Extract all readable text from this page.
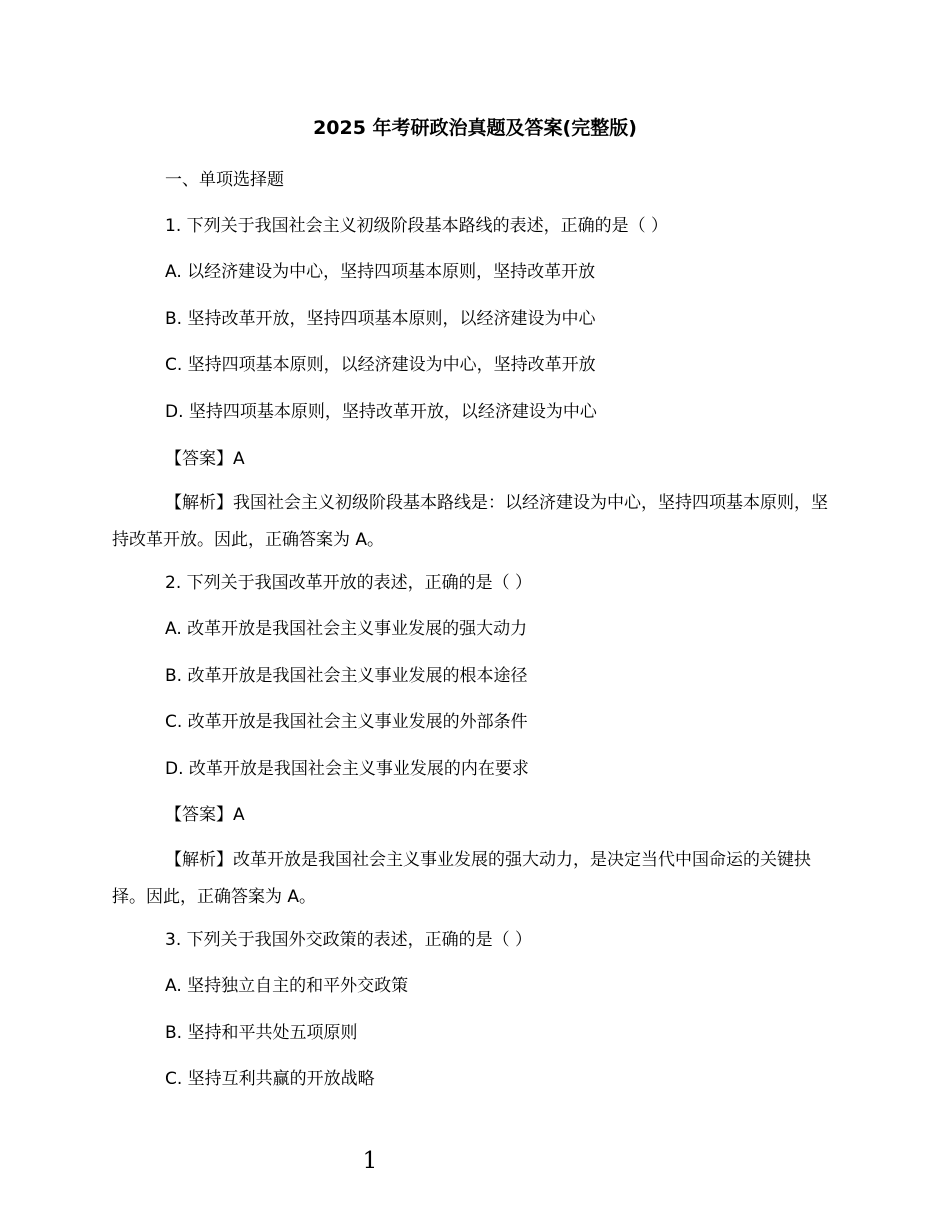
2025 年考研政治真题及答案(完整版)
一、单项选择题
1. 下列关于我国社会主义初级阶段基本路线的表述，正确的是（ ）
A. 以经济建设为中心，坚持四项基本原则，坚持改革开放
B. 坚持改革开放，坚持四项基本原则，以经济建设为中心
C. 坚持四项基本原则，以经济建设为中心，坚持改革开放
D. 坚持四项基本原则，坚持改革开放，以经济建设为中心
【答案】A
【解析】我国社会主义初级阶段基本路线是：以经济建设为中心，坚持四项基本原则，坚持改革开放。因此，正确答案为 A。
2. 下列关于我国改革开放的表述，正确的是（ ）
A. 改革开放是我国社会主义事业发展的强大动力
B. 改革开放是我国社会主义事业发展的根本途径
C. 改革开放是我国社会主义事业发展的外部条件
D. 改革开放是我国社会主义事业发展的内在要求
【答案】A
【解析】改革开放是我国社会主义事业发展的强大动力，是决定当代中国命运的关键抉择。因此，正确答案为 A。
3. 下列关于我国外交政策的表述，正确的是（ ）
A. 坚持独立自主的和平外交政策
B. 坚持和平共处五项原则
C. 坚持互利共赢的开放战略
1
